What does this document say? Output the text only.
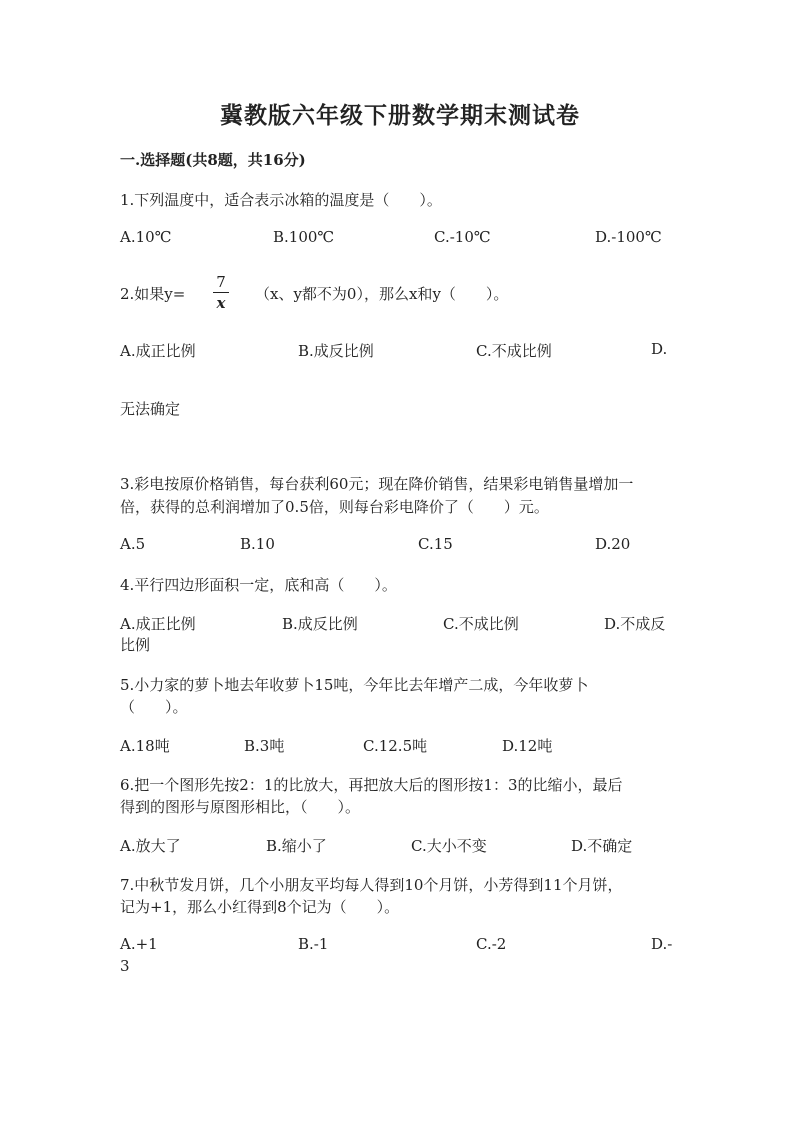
冀教版六年级下册数学期末测试卷
一.选择题(共8题，共16分)
1.下列温度中，适合表示冰箱的温度是（　　）。
A.10℃	B.100℃	C.-10℃	D.-100℃
2.如果y=
7
x （x、y都不为0），那么x和y（　　）。
A.成正比例	B.成反比例	C.不成比例	D.
无法确定
3.彩电按原价格销售，每台获利60元；现在降价销售，结果彩电销售量增加一
倍，获得的总利润增加了0.5倍，则每台彩电降价了（　　）元。
A.5	B.10	C.15	D.20
4.平行四边形面积一定，底和高（　　）。
A.成正比例	B.成反比例	C.不成比例	D.不成反
比例
5.小力家的萝卜地去年收萝卜15吨，今年比去年增产二成，今年收萝卜
（　　）。
A.18吨	B.3吨	C.12.5吨	D.12吨
6.把一个图形先按2：1的比放大，再把放大后的图形按1：3的比缩小，最后
得到的图形与原图形相比，（　　）。
A.放大了	B.缩小了	C.大小不变	D.不确定
7.中秋节发月饼，几个小朋友平均每人得到10个月饼，小芳得到11个月饼，
记为+1，那么小红得到8个记为（　　）。
A.+1	B.-1	C.-2	D.-
3
